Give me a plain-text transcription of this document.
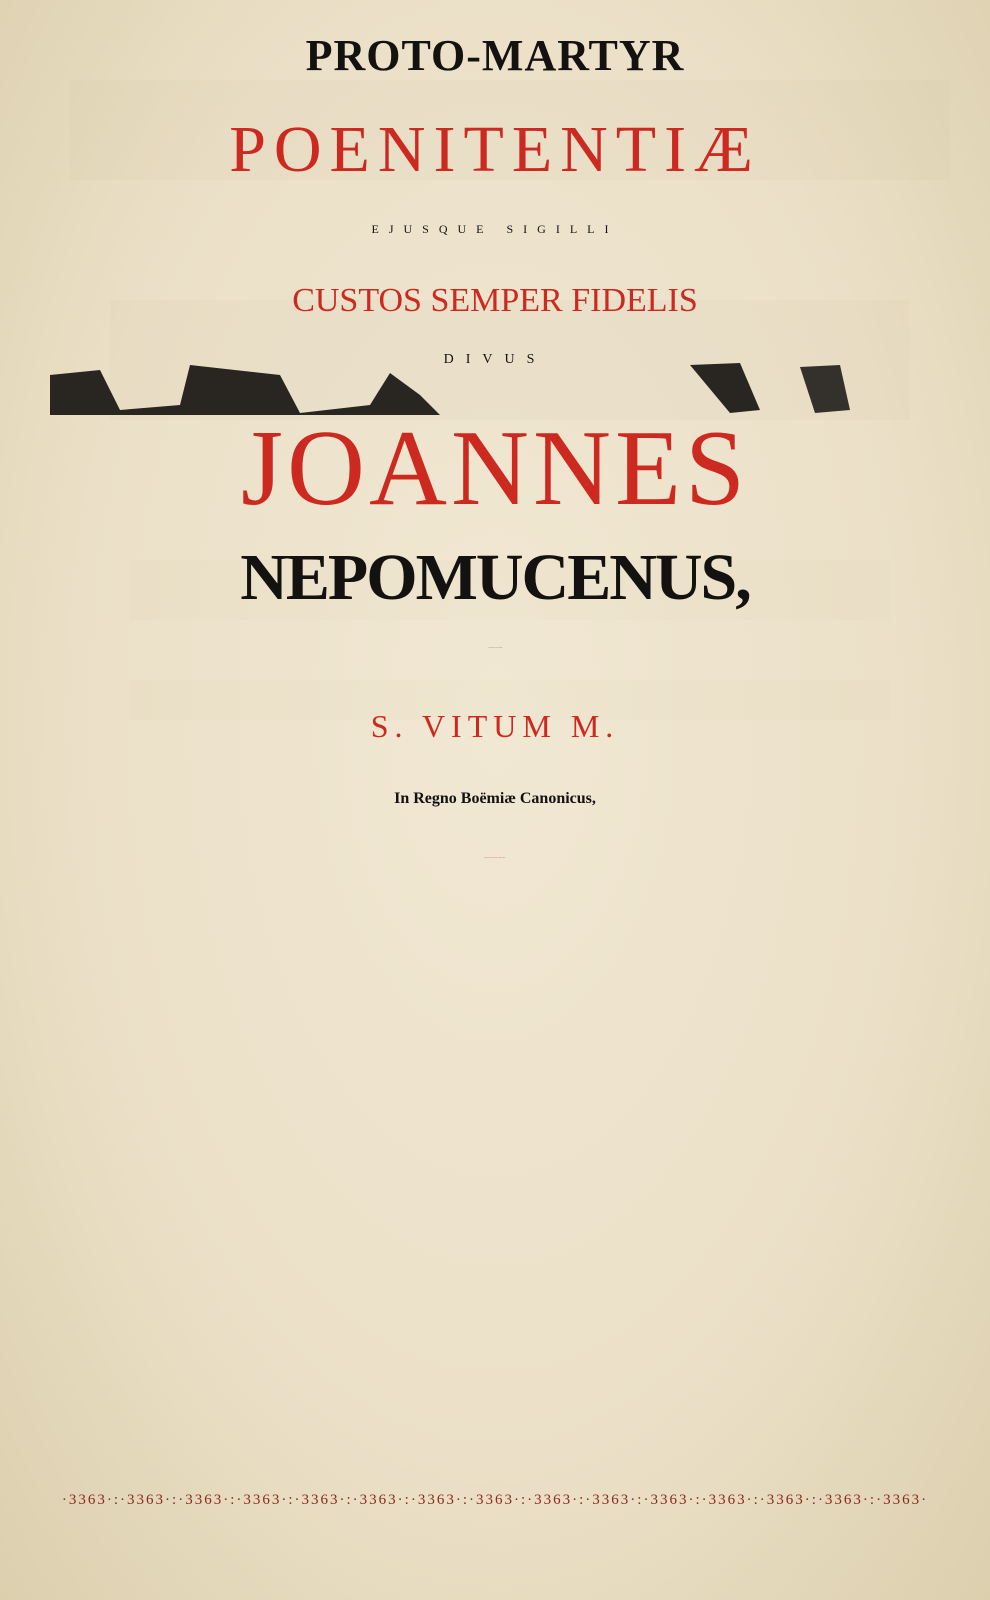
PROTO-MARTYR
POENITENTIÆ
EJUSQUE SIGILLI
CUSTOS SEMPER FIDELIS
DIVUS
JOANNES
NEPOMUCENUS,
S. Metropolitanæ Ecclesiæ Pragensis
S. VITUM M.
In Regno Boëmiæ Canonicus,
Reginæ Joannæ Confessarius, & Regius Eleemosy-
·3363·:·3363·:·3363·:·3363·:·3363·:·3363·:·3363·:·3363·:·3363·:·3363·:·3363·:·3363·:·3363·:·3363·:·3363·
